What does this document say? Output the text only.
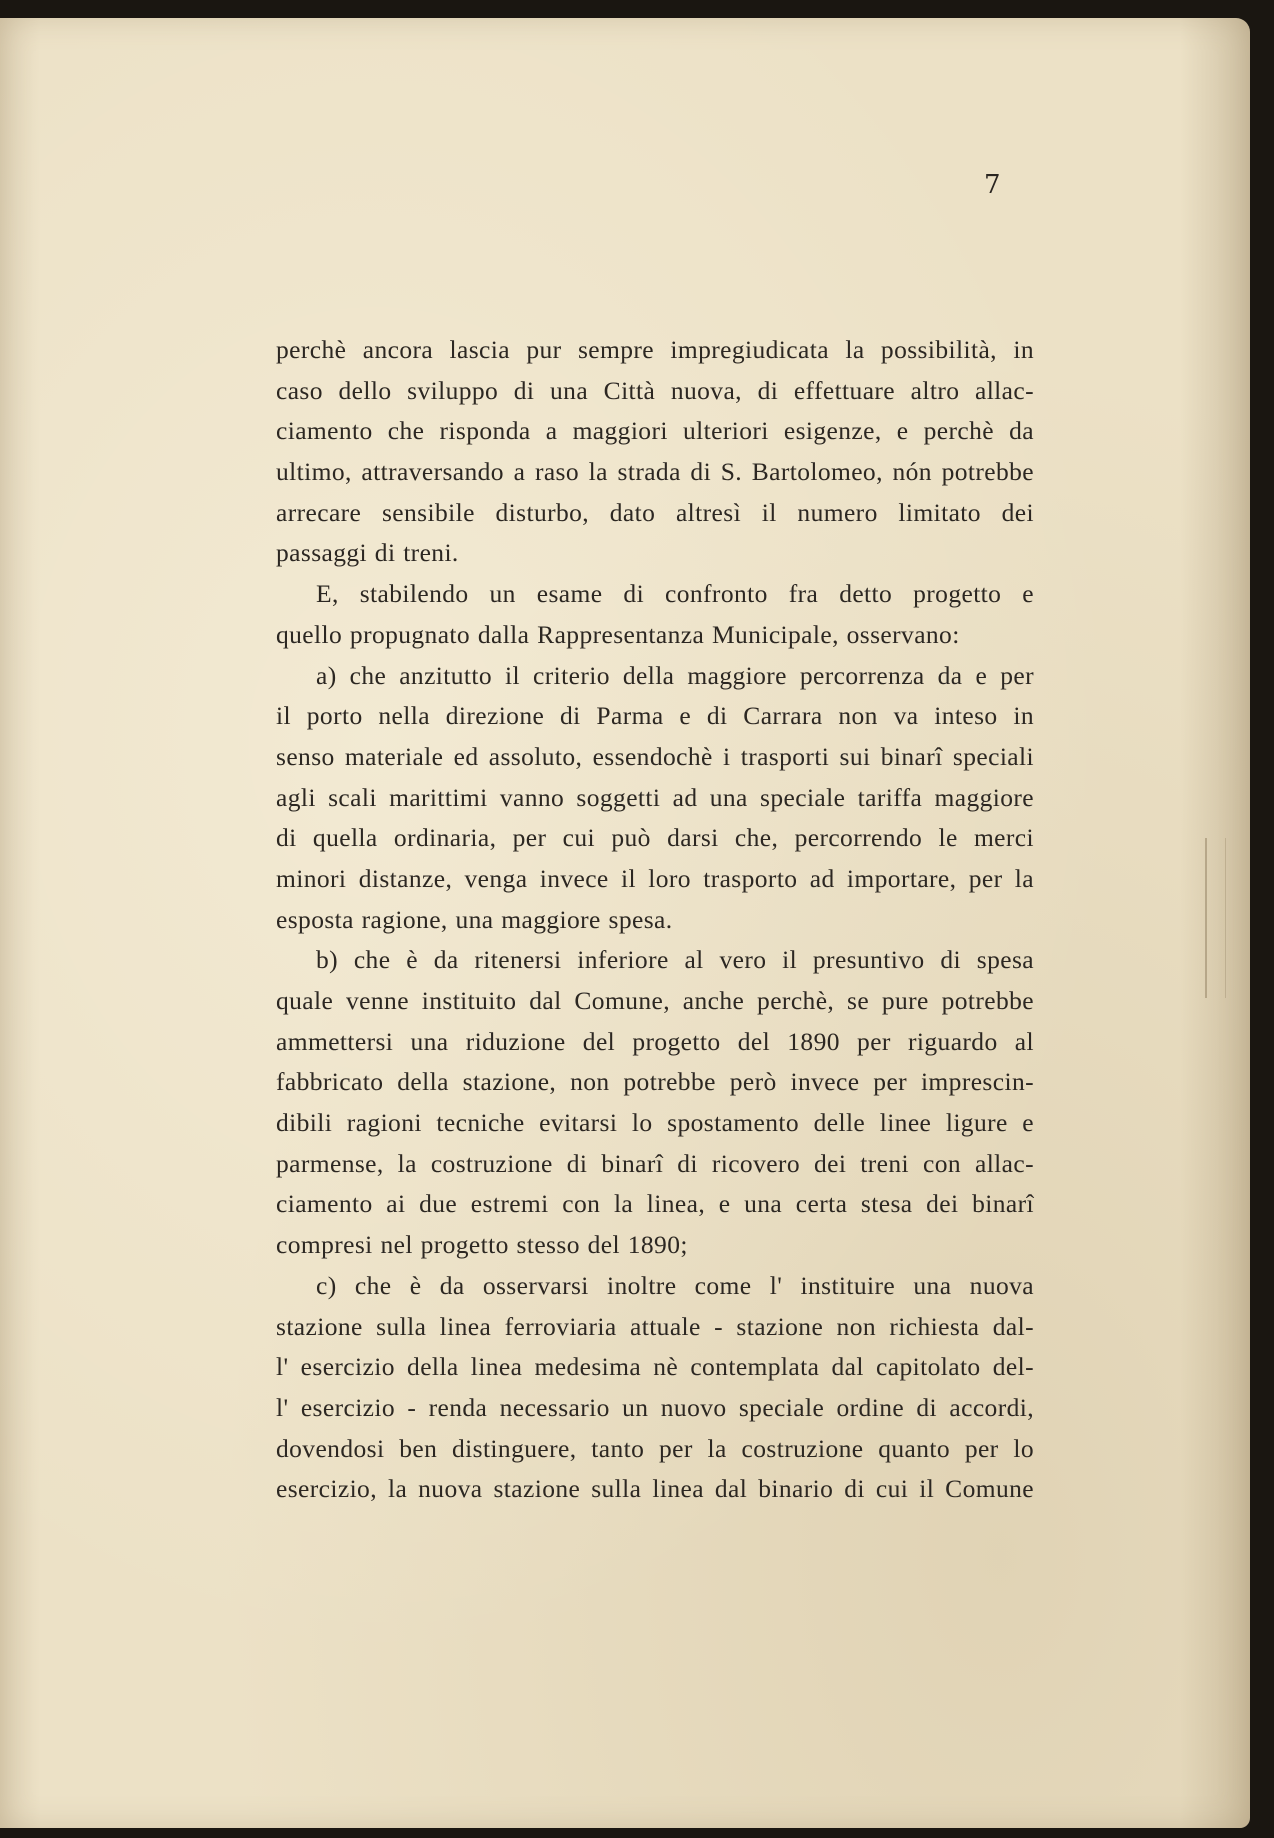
7
perchè ancora lascia pur sempre impregiudicata la possibilità, in
caso dello sviluppo di una Città nuova, di effettuare altro allac-
ciamento che risponda a maggiori ulteriori esigenze, e perchè da
ultimo, attraversando a raso la strada di S. Bartolomeo, nón potrebbe
arrecare sensibile disturbo, dato altresì il numero limitato dei
passaggi di treni.
E, stabilendo un esame di confronto fra detto progetto e
quello propugnato dalla Rappresentanza Municipale, osservano:
a) che anzitutto il criterio della maggiore percorrenza da e per
il porto nella direzione di Parma e di Carrara non va inteso in
senso materiale ed assoluto, essendochè i trasporti sui binarî speciali
agli scali marittimi vanno soggetti ad una speciale tariffa maggiore
di quella ordinaria, per cui può darsi che, percorrendo le merci
minori distanze, venga invece il loro trasporto ad importare, per la
esposta ragione, una maggiore spesa.
b) che è da ritenersi inferiore al vero il presuntivo di spesa
quale venne instituito dal Comune, anche perchè, se pure potrebbe
ammettersi una riduzione del progetto del 1890 per riguardo al
fabbricato della stazione, non potrebbe però invece per imprescin-
dibili ragioni tecniche evitarsi lo spostamento delle linee ligure e
parmense, la costruzione di binarî di ricovero dei treni con allac-
ciamento ai due estremi con la linea, e una certa stesa dei binarî
compresi nel progetto stesso del 1890;
c) che è da osservarsi inoltre come l' instituire una nuova
stazione sulla linea ferroviaria attuale - stazione non richiesta dal-
l' esercizio della linea medesima nè contemplata dal capitolato del-
l' esercizio - renda necessario un nuovo speciale ordine di accordi,
dovendosi ben distinguere, tanto per la costruzione quanto per lo
esercizio, la nuova stazione sulla linea dal binario di cui il Comune
